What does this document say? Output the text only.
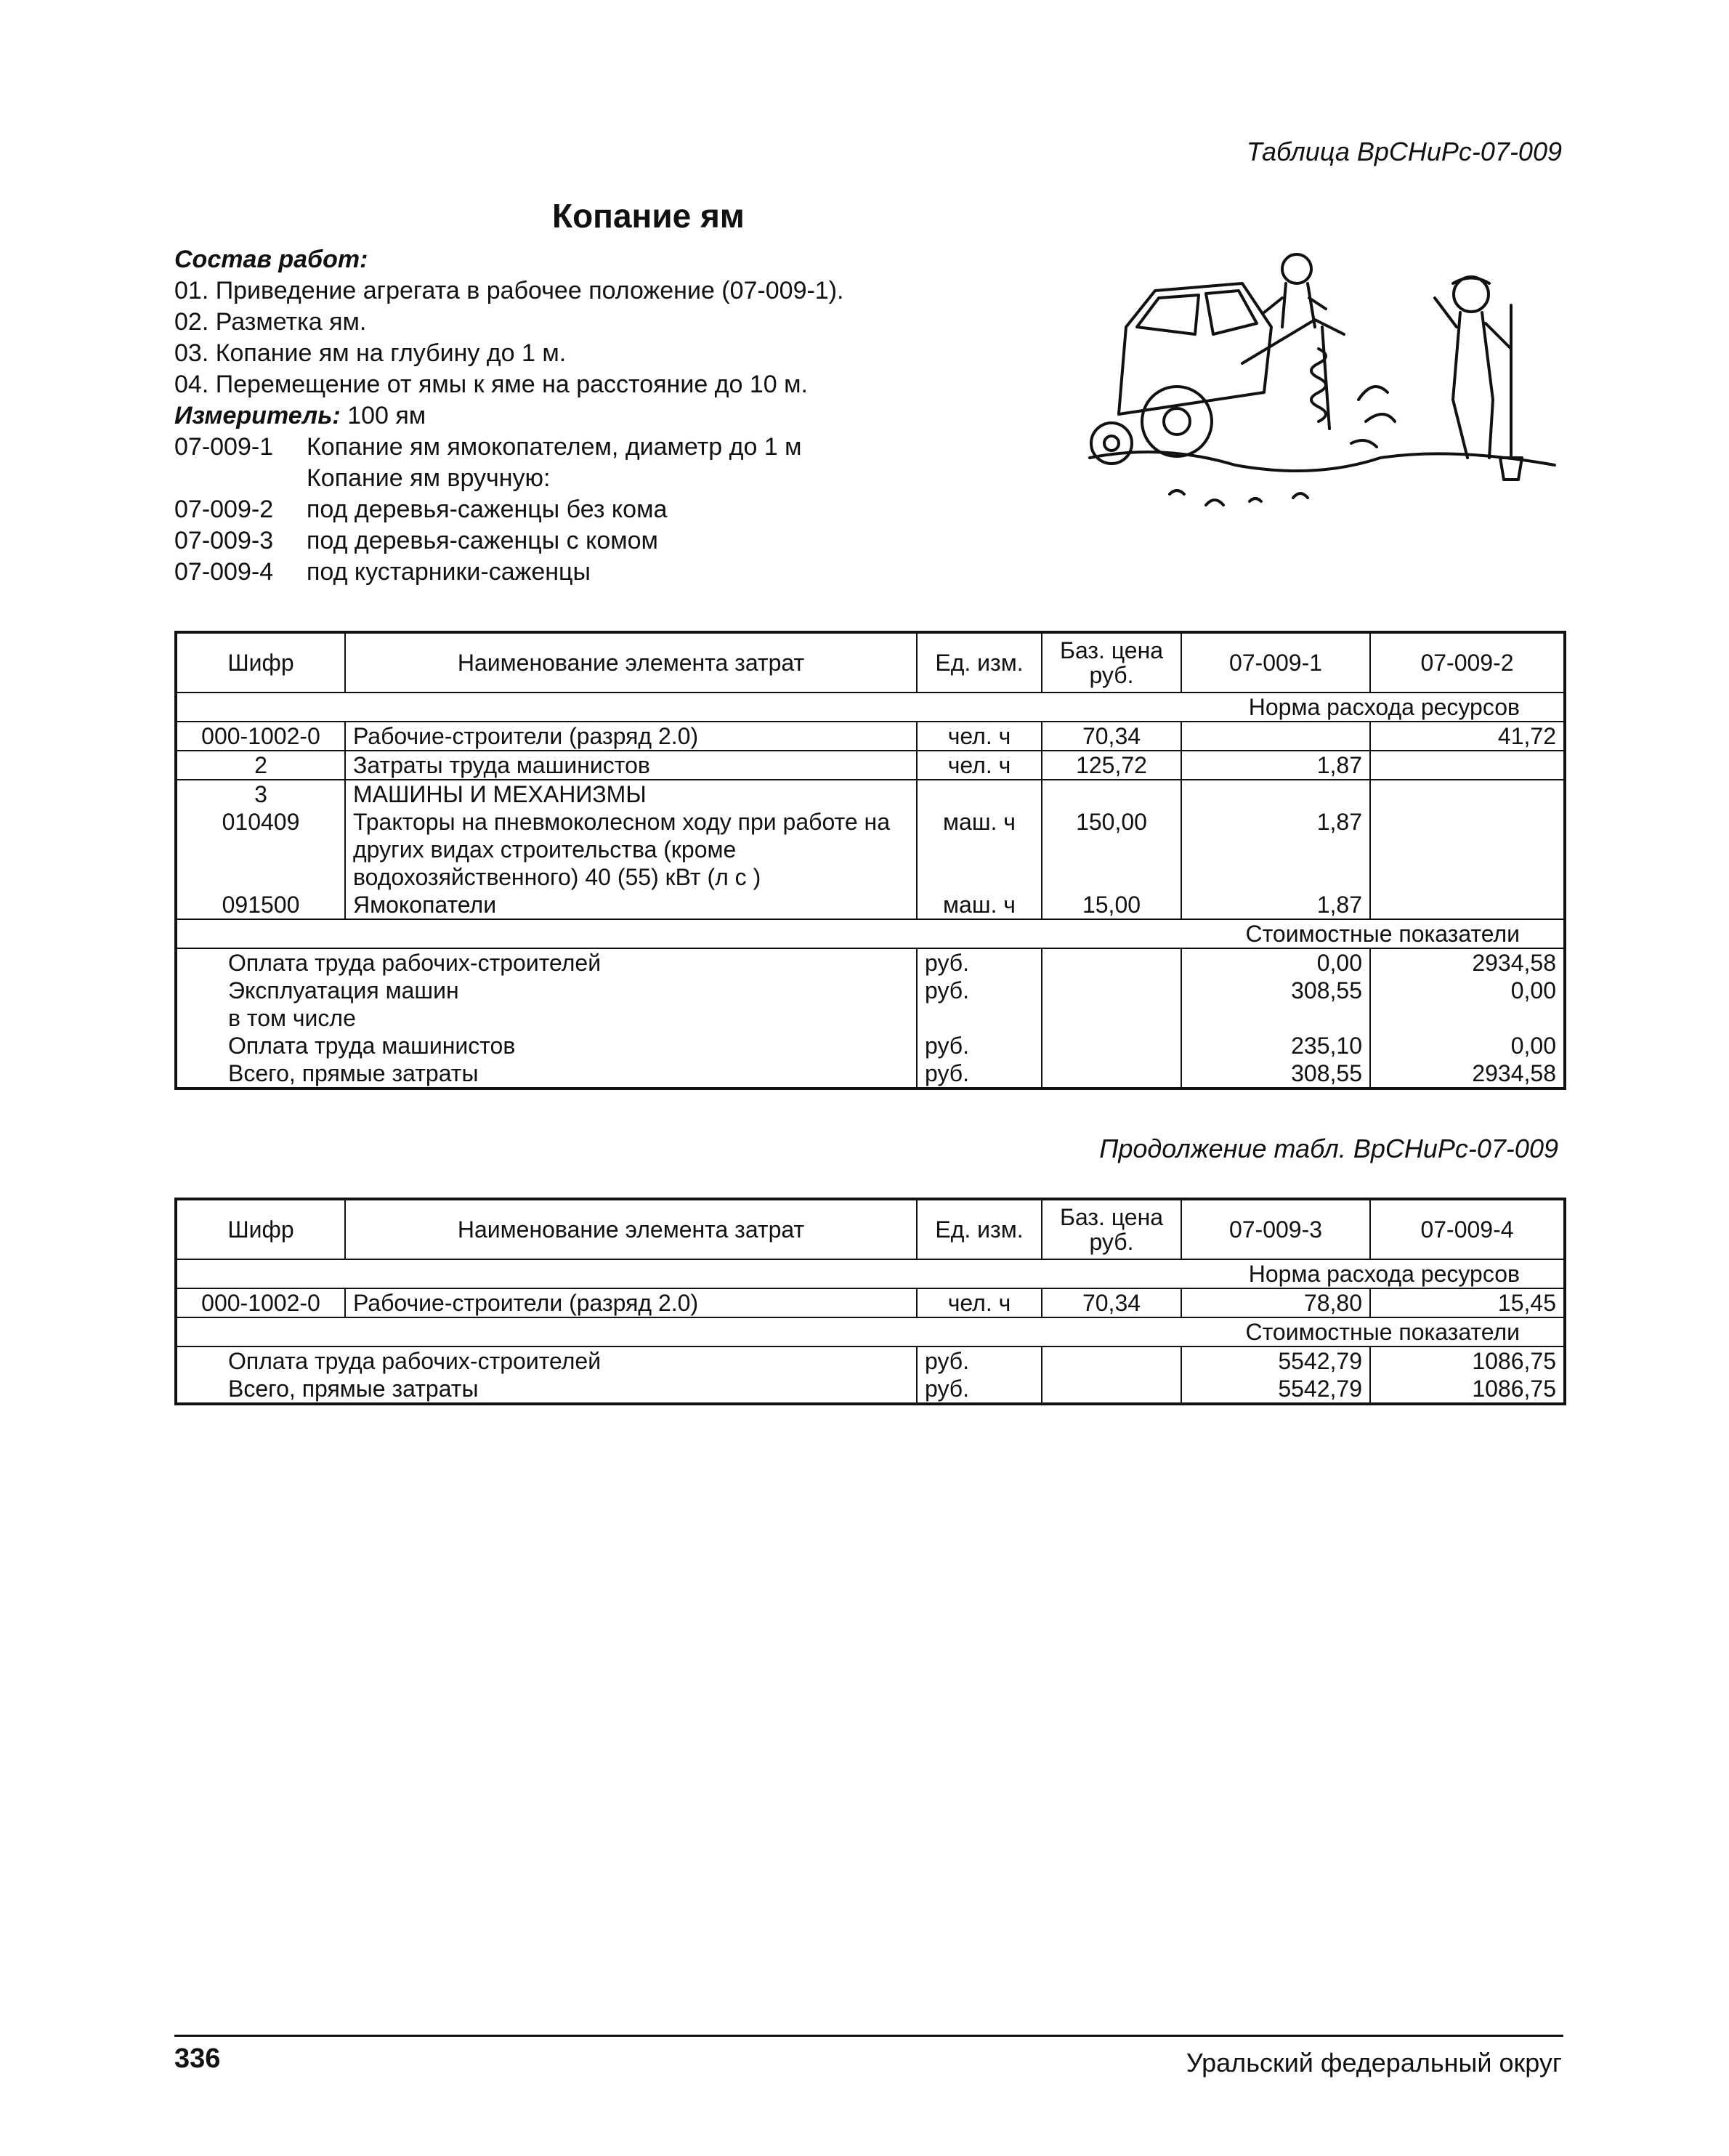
Таблица ВрСНиРс-07-009
Копание ям
Состав работ:
01. Приведение агрегата в рабочее положение (07-009-1).
02. Разметка ям.
03. Копание ям на глубину до 1 м.
04. Перемещение от ямы к яме на расстояние до 10 м.
Измеритель: 100 ям
07-009-1	Копание ям ямокопателем, диаметр до 1 м
Копание ям вручную:
07-009-2	под деревья-саженцы без кома
07-009-3	под деревья-саженцы с комом
07-009-4	под кустарники-саженцы
Шифр	Наименование элемента затрат	Ед. изм.	Баз. цена руб.	07-009-1	07-009-2
Норма расхода ресурсов					
000-1002-0	Рабочие-строители (разряд 2.0)	чел. ч	70,34		41,72
2	Затраты труда машинистов	чел. ч	125,72	1,87	
3	МАШИНЫ И МЕХАНИЗМЫ				
010409	Тракторы на пневмоколесном ходу при работе на других видах строительства (кроме водохозяйственного) 40 (55) кВт (л с )	маш. ч	150,00	1,87	
091500	Ямокопатели	маш. ч	15,00	1,87	
Стоимостные показатели					
Оплата труда рабочих-строителей		руб.		0,00	2934,58
Эксплуатация машин		руб.		308,55	0,00
в том числе					
Оплата труда машинистов		руб.		235,10	0,00
Всего, прямые затраты		руб.		308,55	2934,58
Продолжение табл. ВрСНиРс-07-009
Шифр	Наименование элемента затрат	Ед. изм.	Баз. цена руб.	07-009-3	07-009-4
Норма расхода ресурсов					
000-1002-0	Рабочие-строители (разряд 2.0)	чел. ч	70,34	78,80	15,45
Стоимостные показатели					
Оплата труда рабочих-строителей		руб.		5542,79	1086,75
Всего, прямые затраты		руб.		5542,79	1086,75
336	Уральский федеральный округ
